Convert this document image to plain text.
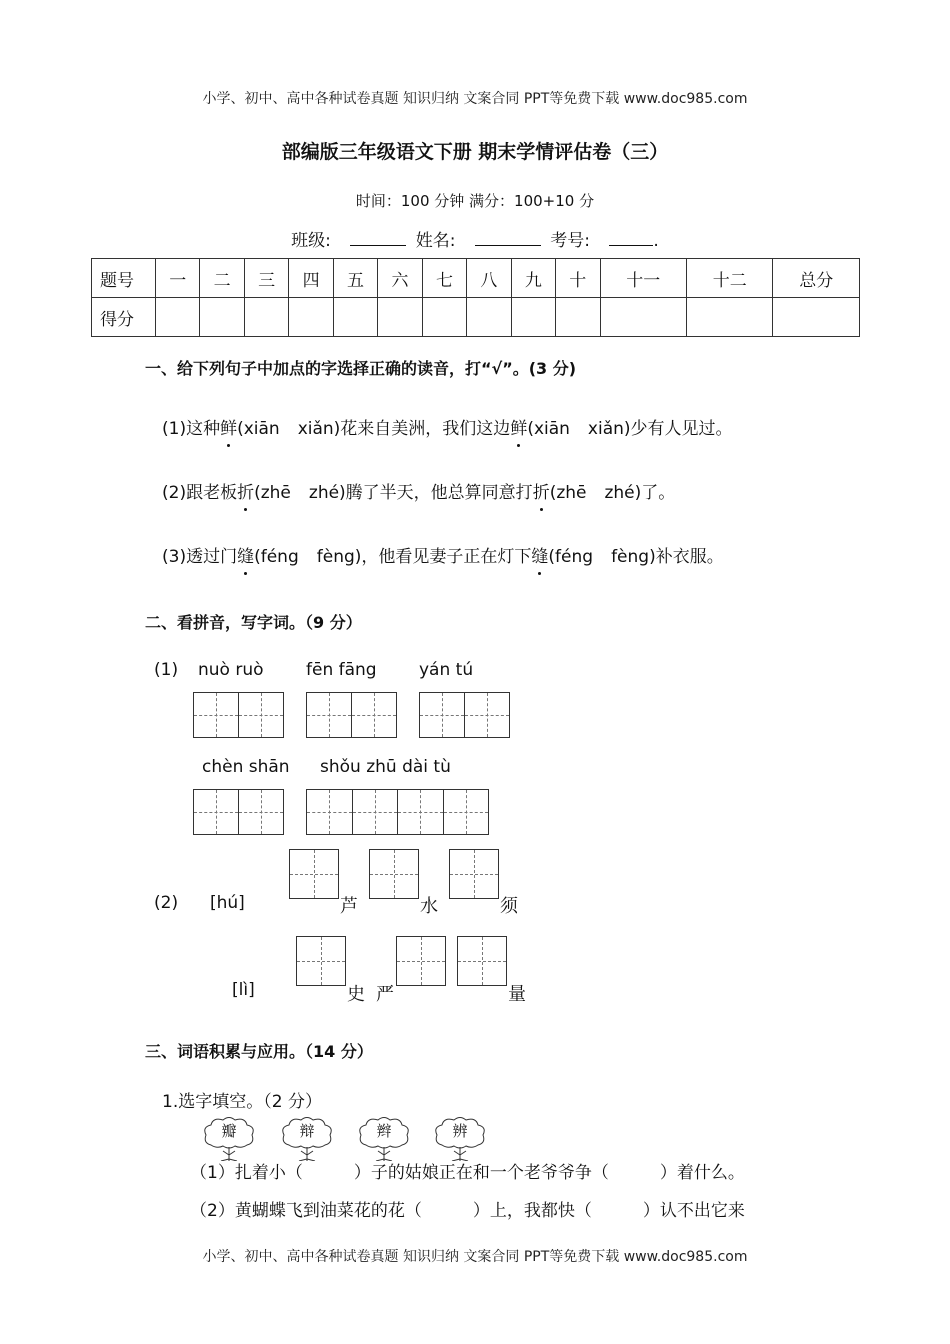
小学、初中、高中各种试卷真题 知识归纳 文案合同 PPT等免费下载 www.doc985.com
部编版三年级语文下册 期末学情评估卷（三）
时间：100 分钟 满分：100+10 分
班级:	姓名:	考号:	.
题号	一	二	三	四	五	六	七	八	九	十	十一	十二	总分
得分													
一、给下列句子中加点的字选择正确的读音，打“√”。(3 分)
(1)这种鲜(xiān xiǎn)花来自美洲，我们这边鲜(xiān xiǎn)少有人见过。
(2)跟老板折(zhē zhé)腾了半天，他总算同意打折(zhē zhé)了。
(3)透过门缝(féng fèng)，他看见妻子正在灯下缝(féng fèng)补衣服。
二、看拼音，写字词。（9 分）
(1) nuò ruò fēn fāng yán tú
chèn shān shǒu zhū dài tù
(2) [hú]	芦	水	须
[lì]	史 严	量
三、词语积累与应用。（14 分）
1.选字填空。（2 分）
瓣	辩	辫	辨
（1）扎着小（　　　）子的姑娘正在和一个老爷爷争（　　　）着什么。
（2）黄蝴蝶飞到油菜花的花（　　　）上，我都快（　　　）认不出它来
小学、初中、高中各种试卷真题 知识归纳 文案合同 PPT等免费下载 www.doc985.com
